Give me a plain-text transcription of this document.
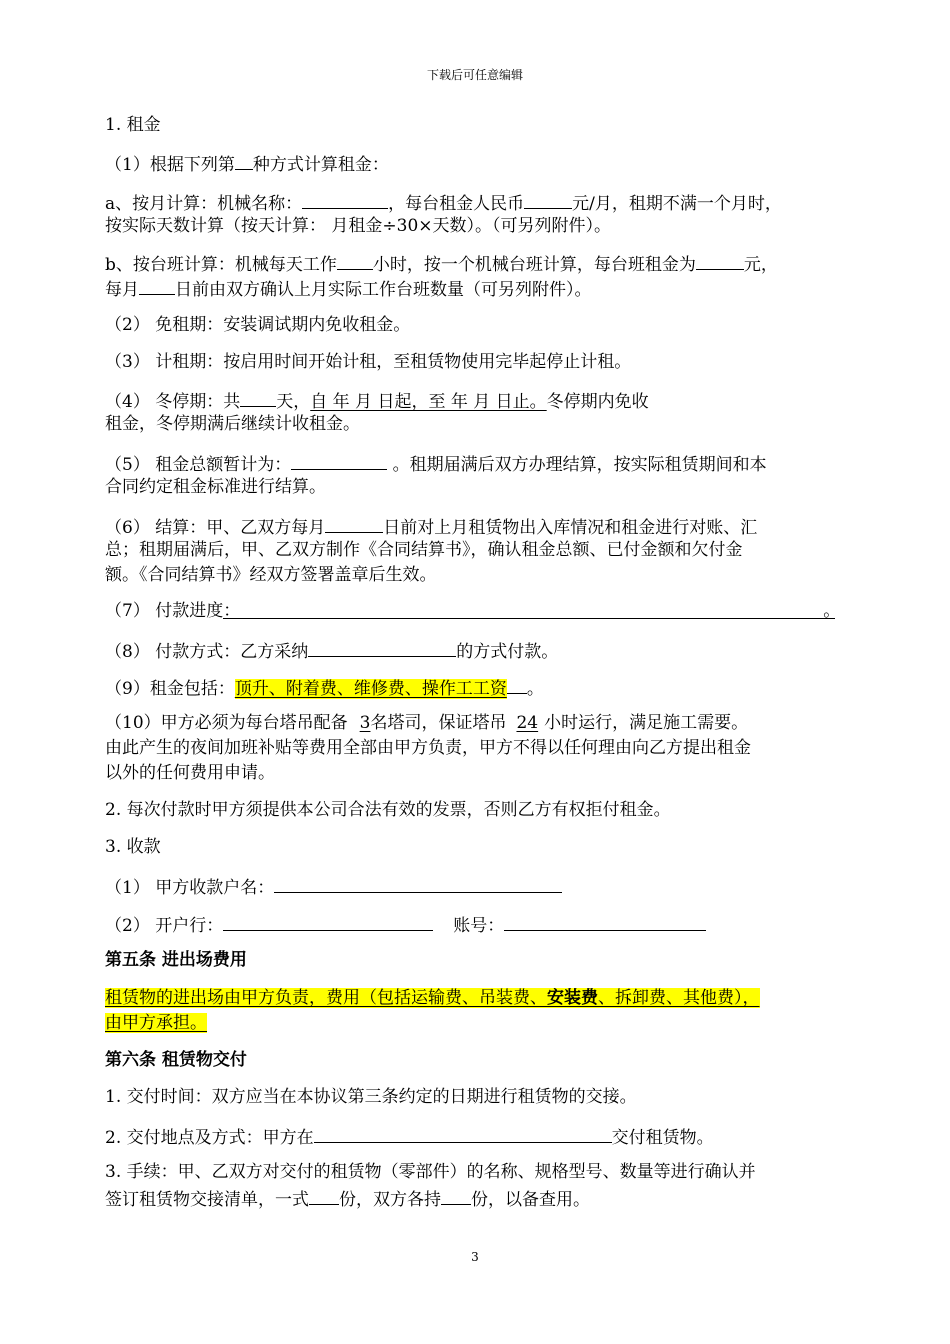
下载后可任意编辑
1. 租金
（1）根据下列第 种方式计算租金：
a、按月计算：机械名称：	，每台租金人民币	元/月，租期不满一个月时，
按实际天数计算（按天计算： 月租金÷30×天数）。（可另列附件）。
b、按台班计算：机械每天工作 小时，按一个机械台班计算，每台班租金为	元，
每月 日前由双方确认上月实际工作台班数量（可另列附件）。
（2） 免租期：安装调试期内免收租金。
（3） 计租期：按启用时间开始计租，至租赁物使用完毕起停止计租。
（4） 冬停期：共 天，自 年 月 日起，至 年 月 日止。冬停期内免收
租金，冬停期满后继续计收租金。
（5） 租金总额暂计为：	。租期届满后双方办理结算，按实际租赁期间和本
合同约定租金标准进行结算。
（6） 结算：甲、乙双方每月	日前对上月租赁物出入库情况和租金进行对账、汇
总；租期届满后，甲、乙双方制作《合同结算书》，确认租金总额、已付金额和欠付金
额。《合同结算书》经双方签署盖章后生效。
（7） 付款进度：	。
（8） 付款方式：乙方采纳	的方式付款。
（9）租金包括：顶升、附着费、维修费、操作工工资 。
（10）甲方必须为每台塔吊配备 3名塔司，保证塔吊 24 小时运行，满足施工需要。
由此产生的夜间加班补贴等费用全部由甲方负责，甲方不得以任何理由向乙方提出租金
以外的任何费用申请。
2. 每次付款时甲方须提供本公司合法有效的发票，否则乙方有权拒付租金。
3. 收款
（1） 甲方收款户名：
（2） 开户行：	账号：
第五条 进出场费用
租赁物的进出场由甲方负责，费用（包括运输费、吊装费、安装费、拆卸费、其他费），
由甲方承担。
第六条 租赁物交付
1. 交付时间：双方应当在本协议第三条约定的日期进行租赁物的交接。
2. 交付地点及方式：甲方在	交付租赁物。
3. 手续：甲、乙双方对交付的租赁物（零部件）的名称、规格型号、数量等进行确认并
签订租赁物交接清单，一式 份，双方各持 份，以备查用。
3
